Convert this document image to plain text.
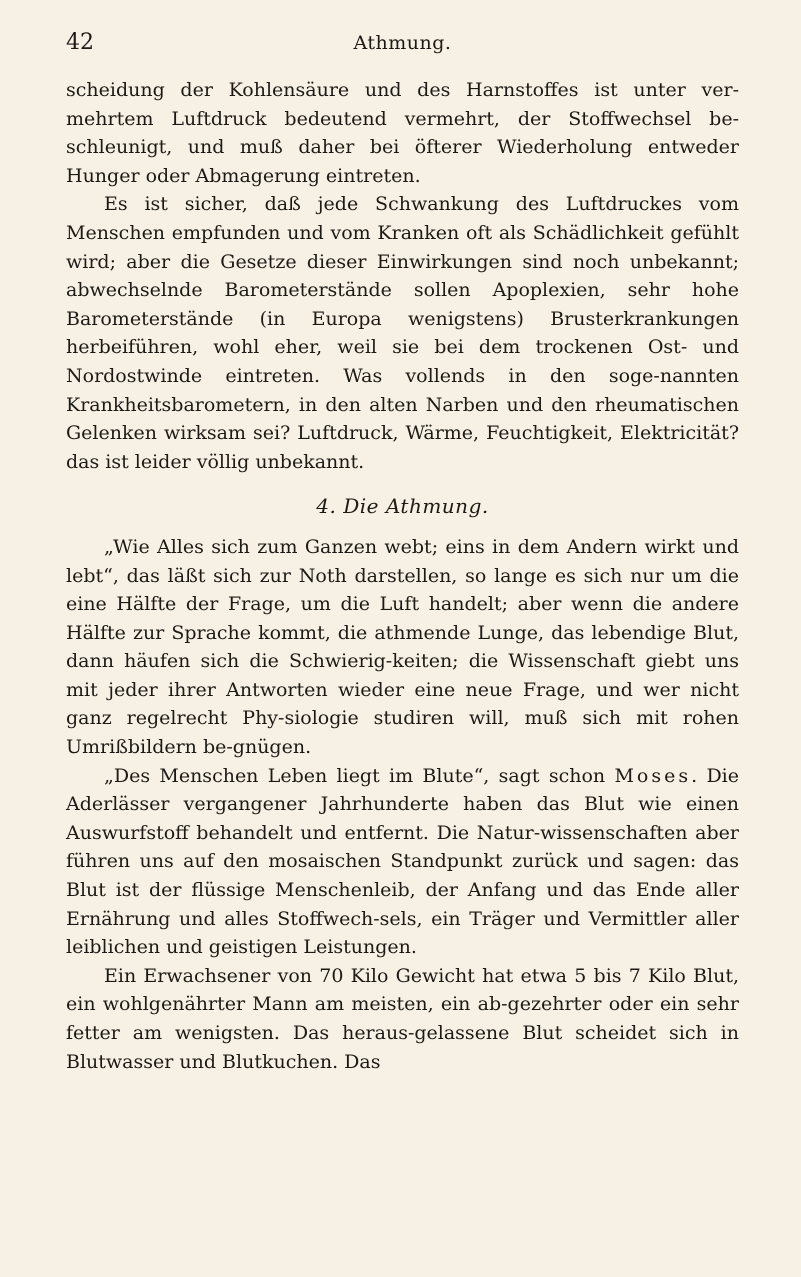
42	Athmung.

scheidung der Kohlensäure und des Harnstoffes ist unter ver-mehrtem Luftdruck bedeutend vermehrt, der Stoffwechsel be-schleunigt, und muß daher bei öfterer Wiederholung entweder Hunger oder Abmagerung eintreten.

Es ist sicher, daß jede Schwankung des Luftdruckes vom Menschen empfunden und vom Kranken oft als Schädlichkeit gefühlt wird; aber die Gesetze dieser Einwirkungen sind noch unbekannt; abwechselnde Barometerstände sollen Apoplexien, sehr hohe Barometerstände (in Europa wenigstens) Brusterkrankungen herbeiführen, wohl eher, weil sie bei dem trockenen Ost- und Nordostwinde eintreten. Was vollends in den soge-nannten Krankheitsbarometern, in den alten Narben und den rheumatischen Gelenken wirksam sei? Luftdruck, Wärme, Feuchtigkeit, Elektricität? das ist leider völlig unbekannt.

4. Die Athmung.

„Wie Alles sich zum Ganzen webt; eins in dem Andern wirkt und lebt“, das läßt sich zur Noth darstellen, so lange es sich nur um die eine Hälfte der Frage, um die Luft handelt; aber wenn die andere Hälfte zur Sprache kommt, die athmende Lunge, das lebendige Blut, dann häufen sich die Schwierig-keiten; die Wissenschaft giebt uns mit jeder ihrer Antworten wieder eine neue Frage, und wer nicht ganz regelrecht Phy-siologie studiren will, muß sich mit rohen Umrißbildern be-gnügen.

„Des Menschen Leben liegt im Blute“, sagt schon Moses. Die Aderlässer vergangener Jahrhunderte haben das Blut wie einen Auswurfstoff behandelt und entfernt. Die Natur-wissenschaften aber führen uns auf den mosaischen Standpunkt zurück und sagen: das Blut ist der flüssige Menschenleib, der Anfang und das Ende aller Ernährung und alles Stoffwech-sels, ein Träger und Vermittler aller leiblichen und geistigen Leistungen.

Ein Erwachsener von 70 Kilo Gewicht hat etwa 5 bis 7 Kilo Blut, ein wohlgenährter Mann am meisten, ein ab-gezehrter oder ein sehr fetter am wenigsten. Das heraus-gelassene Blut scheidet sich in Blutwasser und Blutkuchen. Das
